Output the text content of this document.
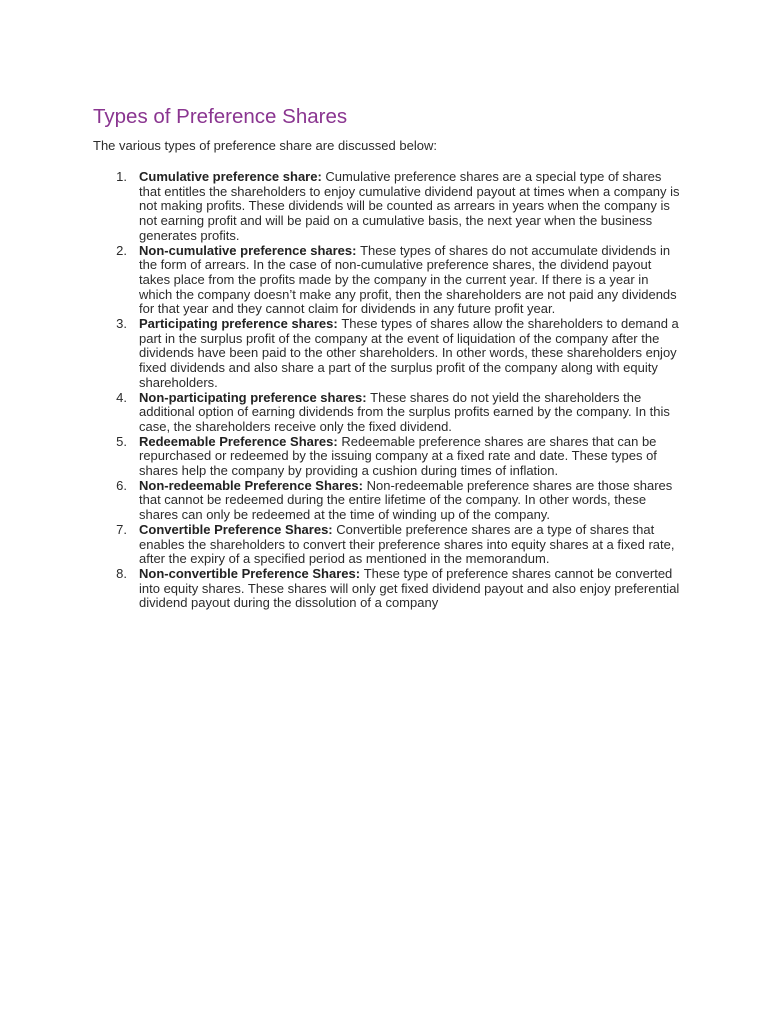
Types of Preference Shares

The various types of preference share are discussed below:

1. Cumulative preference share: Cumulative preference shares are a special type of shares that entitles the shareholders to enjoy cumulative dividend payout at times when a company is not making profits. These dividends will be counted as arrears in years when the company is not earning profit and will be paid on a cumulative basis, the next year when the business generates profits.
2. Non-cumulative preference shares: These types of shares do not accumulate dividends in the form of arrears. In the case of non-cumulative preference shares, the dividend payout takes place from the profits made by the company in the current year. If there is a year in which the company doesn’t make any profit, then the shareholders are not paid any dividends for that year and they cannot claim for dividends in any future profit year.
3. Participating preference shares: These types of shares allow the shareholders to demand a part in the surplus profit of the company at the event of liquidation of the company after the dividends have been paid to the other shareholders. In other words, these shareholders enjoy fixed dividends and also share a part of the surplus profit of the company along with equity shareholders.
4. Non-participating preference shares: These shares do not yield the shareholders the additional option of earning dividends from the surplus profits earned by the company. In this case, the shareholders receive only the fixed dividend.
5. Redeemable Preference Shares: Redeemable preference shares are shares that can be repurchased or redeemed by the issuing company at a fixed rate and date. These types of shares help the company by providing a cushion during times of inflation.
6. Non-redeemable Preference Shares: Non-redeemable preference shares are those shares that cannot be redeemed during the entire lifetime of the company. In other words, these shares can only be redeemed at the time of winding up of the company.
7. Convertible Preference Shares: Convertible preference shares are a type of shares that enables the shareholders to convert their preference shares into equity shares at a fixed rate, after the expiry of a specified period as mentioned in the memorandum.
8. Non-convertible Preference Shares: These type of preference shares cannot be converted into equity shares. These shares will only get fixed dividend payout and also enjoy preferential dividend payout during the dissolution of a company
